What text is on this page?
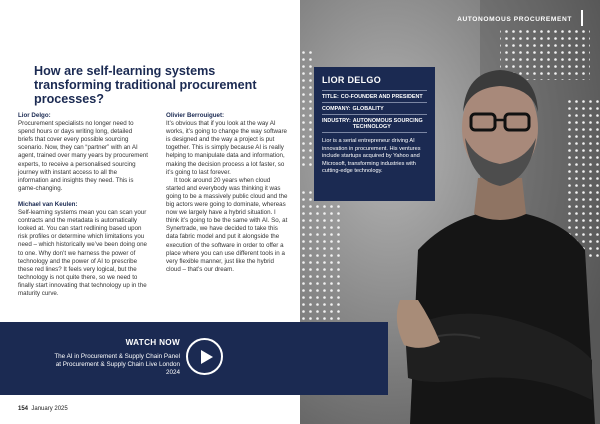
How are self-learning systems transforming traditional procurement processes?

Lior Delgo:

Procurement specialists no longer need to spend hours or days writing long, detailed briefs that cover every possible sourcing scenario. Now, they can “partner” with an AI agent, trained over many years by procurement experts, to receive a personalised sourcing journey with instant access to all the information and insights they need. This is game-changing.

Michael van Keulen:

Self-learning systems mean you can scan your contracts and the metadata is automatically looked at. You can start redlining based upon risk profiles or determine which limitations you need – which historically we’ve been doing one to one. Why don’t we harness the power of technology and the power of AI to prescribe these red lines? It feels very logical, but the technology is not quite there, so we need to finally start innovating that technology up in the maturity curve.

Olivier Berrouiguet:

It’s obvious that if you look at the way AI works, it’s going to change the way software is designed and the way a project is put together. This is simply because AI is really helping to manipulate data and information, making the decision process a lot faster, so it’s going to last forever.

It took around 20 years when cloud started and everybody was thinking it was going to be a massively public cloud and the big actors were going to dominate, whereas now we largely have a hybrid situation. I think it’s going to be the same with AI. So, at Synertrade, we have decided to take this data fabric model and put it alongside the execution of the software in order to offer a place where you can use different tools in a very flexible manner, just like the hybrid cloud – that’s our dream.

154 January 2025
AUTONOMOUS PROCUREMENT

LIOR DELGO

TITLE: CO-FOUNDER AND PRESIDENT
COMPANY: GLOBALITY
INDUSTRY: AUTONOMOUS SOURCING TECHNOLOGY

Lior is a serial entrepreneur driving AI innovation in procurement. His ventures include startups acquired by Yahoo and Microsoft, transforming industries with cutting-edge technology.

WATCH NOW
The AI in Procurement & Supply Chain Panel at Procurement & Supply Chain Live London 2024
